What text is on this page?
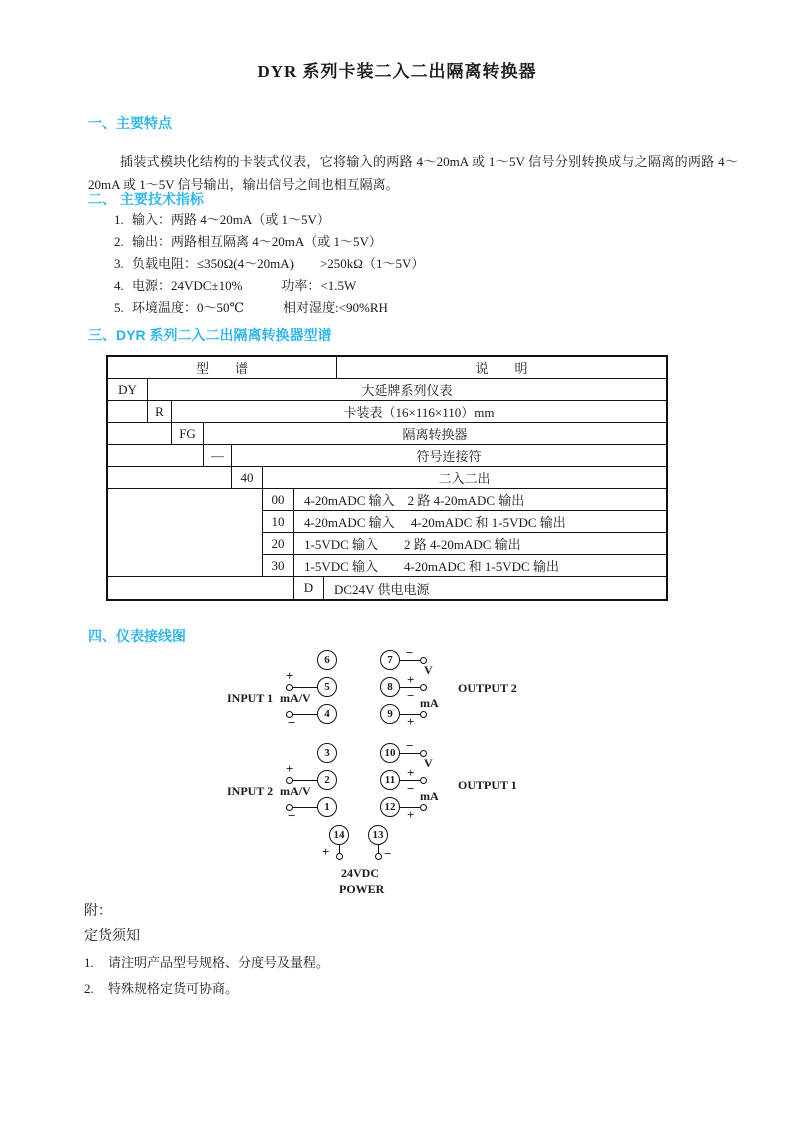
DYR 系列卡装二入二出隔离转换器
一、主要特点

插装式模块化结构的卡装式仪表，它将输入的两路 4～20mA 或 1～5V 信号分别转换成与之隔离的两路 4～20mA 或 1～5V 信号输出，输出信号之间也相互隔离。

二、 主要技术指标
1. 输入：两路 4～20mA（或 1～5V）
2. 输出：两路相互隔离 4～20mA（或 1～5V）
3. 负载电阻：≤350Ω(4～20mA)　　>250kΩ（1～5V）
4. 电源：24VDC±10%　　　功率：<1.5W
5. 环境温度：0～50℃　　　相对湿度:<90%RH
三、DYR 系列二入二出隔离转换器型谱
型　　谱	说　　明
DY	大延牌系列仪表
R	卡装表（16×116×110）mm
FG	隔离转换器
—	符号连接符
40	二入二出
00	4-20mADC 输入　2 路 4-20mADC 输出
10	4-20mADC 输入　 4-20mADC 和 1-5VDC 输出
20	1-5VDC 输入　　2 路 4-20mADC 输出
30	1-5VDC 输入　　4-20mADC 和 1-5VDC 输出
D	DC24V 供电电源
四、仪表接线图
6
5
4
7
8
9
3
2
1
10
11
12
14	13
+
−
−
+
−
+
+
−
−
+
−
+
+	−
INPUT 1 mA/V
INPUT 2 mA/V
OUTPUT 2
OUTPUT 1
V
mA
V
mA
24VDC
POWER
附：
定货须知
1. 请注明产品型号规格、分度号及量程。
2. 特殊规格定货可协商。
